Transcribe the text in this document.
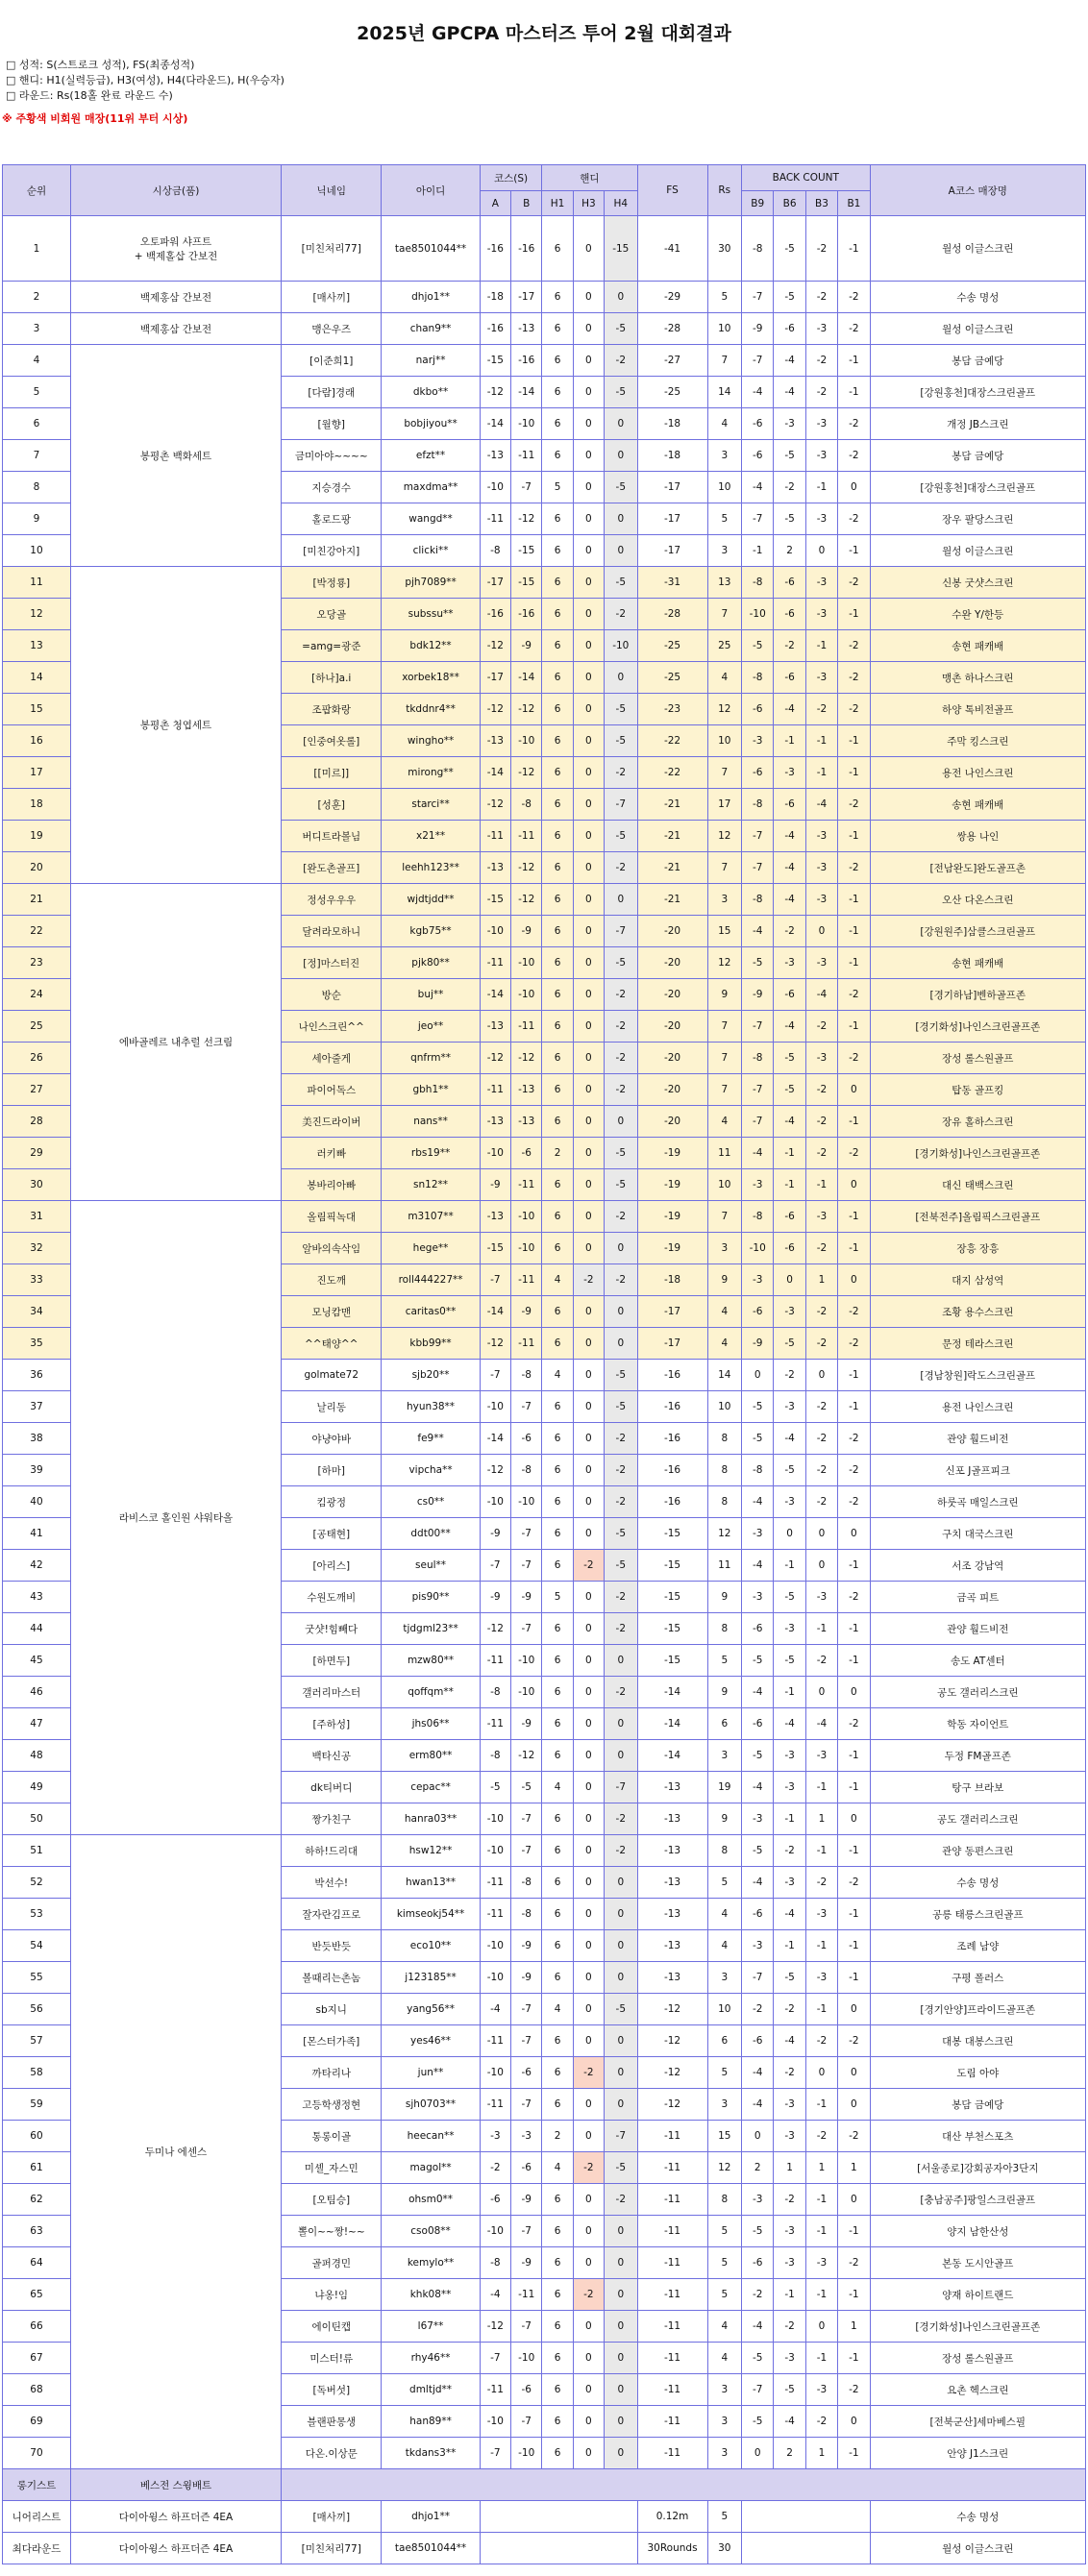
2025년 GPCPA 마스터즈 투어 2월 대회결과
□ 성적: S(스트로크 성적), FS(최종성적)
□ 핸디: H1(실력등급), H3(여성), H4(다라운드), H(우승자)
□ 라운드: Rs(18홀 완료 라운드 수)
※ 주황색 비회원 매장(11위 부터 시상)
순위	시상금(품)	닉네임	아이디	코스(S)		핸디			FS	Rs	BACK COUNT				A코스 매장명
				A	B	H1	H3	H4			B9	B6	B3	B1	
1	오토파워 샤프트
+ 백제홀삽 간보전	[미친처리77]	tae8501044**	-16	-16	6	0	-15	-41	30	-8	-5	-2	-1	월성 이글스크린
2	백제홍삼 간보전	[매사끼]	dhjo1**	-18	-17	6	0	0	-29	5	-7	-5	-2	-2	수송 명성
3	백제홍삼 간보전	맹은우즈	chan9**	-16	-13	6	0	-5	-28	10	-9	-6	-3	-2	월성 이글스크린
4	봉평촌 백화세트	[이준희1]	narj**	-15	-16	6	0	-2	-27	7	-7	-4	-2	-1	봉담 금예당
5		[다람]경래	dkbo**	-12	-14	6	0	-5	-25	14	-4	-4	-2	-1	[강원홍천]대장스크린골프
6		[월향]	bobjiyou**	-14	-10	6	0	0	-18	4	-6	-3	-3	-2	개정 JB스크린
7		금미아야~~~~	efzt**	-13	-11	6	0	0	-18	3	-6	-5	-3	-2	봉담 금예당
8		지승경수	maxdma**	-10	-7	5	0	-5	-17	10	-4	-2	-1	0	[강원홍천]대장스크린골프
9		홀로드팡	wangd**	-11	-12	6	0	0	-17	5	-7	-5	-3	-2	장우 팔당스크린
10		[미친강아지]	clicki**	-8	-15	6	0	0	-17	3	-1	2	0	-1	월성 이글스크린
11	봉평촌 청엽세트	[박정룡]	pjh7089**	-17	-15	6	0	-5	-31	13	-8	-6	-3	-2	신봉 굿샷스크린
12		오당골	subssu**	-16	-16	6	0	-2	-28	7	-10	-6	-3	-1	수완 Y/한등
13		=amg=광준	bdk12**	-12	-9	6	0	-10	-25	25	-5	-2	-1	-2	송현 패캐배
14		[하나]a.i	xorbek18**	-17	-14	6	0	0	-25	4	-8	-6	-3	-2	맹촌 하나스크린
15		조팝화랑	tkddnr4**	-12	-12	6	0	-5	-23	12	-6	-4	-2	-2	하양 톡비전골프
16		[인중여옷롤]	wingho**	-13	-10	6	0	-5	-22	10	-3	-1	-1	-1	주막 킹스크린
17		[[미르]]	mirong**	-14	-12	6	0	-2	-22	7	-6	-3	-1	-1	용전 나인스크린
18		[성훈]	starci**	-12	-8	6	0	-7	-21	17	-8	-6	-4	-2	송현 패캐배
19		버디트라볼님	x21**	-11	-11	6	0	-5	-21	12	-7	-4	-3	-1	쌍용 나인
20		[완도촌골프]	leehh123**	-13	-12	6	0	-2	-21	7	-7	-4	-3	-2	[전남완도]완도골프촌
21	에바골레르 내추럴 선크림	정성우우우	wjdtjdd**	-15	-12	6	0	0	-21	3	-8	-4	-3	-1	오산 다온스크린
22		달려라모하니	kgb75**	-10	-9	6	0	-7	-20	15	-4	-2	0	-1	[강원원주]삼클스크린골프
23		[정]마스터진	pjk80**	-11	-10	6	0	-5	-20	12	-5	-3	-3	-1	송현 패캐배
24		방순	buj**	-14	-10	6	0	-2	-20	9	-9	-6	-4	-2	[경기하남]벤하골프존
25		나인스크린^^	jeo**	-13	-11	6	0	-2	-20	7	-7	-4	-2	-1	[경기화성]나인스크린골프존
26		세아줄게	qnfrm**	-12	-12	6	0	-2	-20	7	-8	-5	-3	-2	장성 롤스원골프
27		파이어독스	gbh1**	-11	-13	6	0	-2	-20	7	-7	-5	-2	0	탑동 골프킹
28		美진드라이버	nans**	-13	-13	6	0	0	-20	4	-7	-4	-2	-1	장유 홀하스크린
29		러키빠	rbs19**	-10	-6	2	0	-5	-19	11	-4	-1	-2	-2	[경기화성]나인스크린골프존
30		봉바리아빠	sn12**	-9	-11	6	0	-5	-19	10	-3	-1	-1	0	대신 태백스크린
31	라비스코 홀인원 샤워타올	올림픽녹대	m3107**	-13	-10	6	0	-2	-19	7	-8	-6	-3	-1	[전북전주]올림픽스크린골프
32		알바의속삭임	hege**	-15	-10	6	0	0	-19	3	-10	-6	-2	-1	장흥 장흥
33		진도깨	roll444227**	-7	-11	4	-2	-2	-18	9	-3	0	1	0	대지 삼성역
34		모닝캄맨	caritas0**	-14	-9	6	0	0	-17	4	-6	-3	-2	-2	조황 용수스크린
35		^^태양^^	kbb99**	-12	-11	6	0	0	-17	4	-9	-5	-2	-2	문정 테라스크린
36		golmate72	sjb20**	-7	-8	4	0	-5	-16	14	0	-2	0	-1	[경남창원]락도스크린골프
37		날리동	hyun38**	-10	-7	6	0	-5	-16	10	-5	-3	-2	-1	용전 나인스크린
38		야냥야바	fe9**	-14	-6	6	0	-2	-16	8	-5	-4	-2	-2	관양 훨드비전
39		[하마]	vipcha**	-12	-8	6	0	-2	-16	8	-8	-5	-2	-2	신포 J골프피크
40		킴광정	cs0**	-10	-10	6	0	-2	-16	8	-4	-3	-2	-2	하룻곡 매일스크린
41		[공태현]	ddt00**	-9	-7	6	0	-5	-15	12	-3	0	0	0	구치 대국스크린
42		[아리스]	seul**	-7	-7	6	-2	-5	-15	11	-4	-1	0	-1	서조 강남역
43		수원도깨비	pis90**	-9	-9	5	0	-2	-15	9	-3	-5	-3	-2	금곡 피트
44		굿샷!힘빼다	tjdgml23**	-12	-7	6	0	-2	-15	8	-6	-3	-1	-1	관양 훨드비전
45		[하면두]	mzw80**	-11	-10	6	0	0	-15	5	-5	-5	-2	-1	송도 AT센터
46		갤러리마스터	qoffqm**	-8	-10	6	0	-2	-14	9	-4	-1	0	0	공도 갤러리스크린
47		[주하성]	jhs06**	-11	-9	6	0	0	-14	6	-6	-4	-4	-2	학동 자이언트
48		백타신공	erm80**	-8	-12	6	0	0	-14	3	-5	-3	-3	-1	두정 FM골프존
49		dk티버디	cepac**	-5	-5	4	0	-7	-13	19	-4	-3	-1	-1	탕구 브라보
50		짱가친구	hanra03**	-10	-7	6	0	-2	-13	9	-3	-1	1	0	공도 갤러리스크린
51	두미나 에센스	하하!드리대	hsw12**	-10	-7	6	0	-2	-13	8	-5	-2	-1	-1	관양 동편스크린
52		박선수!	hwan13**	-11	-8	6	0	0	-13	5	-4	-3	-2	-2	수송 명성
53		잘자란김프로	kimseokj54**	-11	-8	6	0	0	-13	4	-6	-4	-3	-1	공릉 태릉스크린골프
54		반듯반듯	eco10**	-10	-9	6	0	0	-13	4	-3	-1	-1	-1	조례 남양
55		볼때리는촌놈	j123185**	-10	-9	6	0	0	-13	3	-7	-5	-3	-1	구평 폴러스
56		sb지니	yang56**	-4	-7	4	0	-5	-12	10	-2	-2	-1	0	[경기안양]프라이드골프존
57		[몬스터가족]	yes46**	-11	-7	6	0	0	-12	6	-6	-4	-2	-2	대봉 대봉스크린
58		까타리나	jun**	-10	-6	6	-2	0	-12	5	-4	-2	0	0	도림 아야
59		고등학생정현	sjh0703**	-11	-7	6	0	0	-12	3	-4	-3	-1	0	봉담 금예당
60		통롱이골	heecan**	-3	-3	2	0	-7	-11	15	0	-3	-2	-2	대산 부천스포츠
61		미셸_자스민	magol**	-2	-6	4	-2	-5	-11	12	2	1	1	1	[서울종로]강회공자아3단지
62		[오팀승]	ohsm0**	-6	-9	6	0	-2	-11	8	-3	-2	-1	0	[충남공주]팡일스크린골프
63		뽈이~~짱!~~	cso08**	-10	-7	6	0	0	-11	5	-5	-3	-1	-1	양지 남한산성
64		골퍼경민	kemylo**	-8	-9	6	0	0	-11	5	-6	-3	-3	-2	본동 도시안골프
65		냐옹!임	khk08**	-4	-11	6	-2	0	-11	5	-2	-1	-1	-1	양재 하이트랜드
66		에이틴캡	l67**	-12	-7	6	0	0	-11	4	-4	-2	0	1	[경기화성]나인스크린골프존
67		미스터!류	rhy46**	-7	-10	6	0	0	-11	4	-5	-3	-1	-1	장성 롤스원골프
68		[독버섯]	dmltjd**	-11	-6	6	0	0	-11	3	-7	-5	-3	-2	요촌 헥스크린
69		블랜판몽생	han89**	-10	-7	6	0	0	-11	3	-5	-4	-2	0	[전북군산]세마베스필
70		다온.이상문	tkdans3**	-7	-10	6	0	0	-11	3	0	2	1	-1	안양 J1스크린
롱기스트	베스전 스윙배트														
니어리스트	다이아윙스 하프더즌 4EA	[매사끼]	dhjo1**						0.12m	5					수송 명성
최다라운드	다이아윙스 하프더즌 4EA	[미친처리77]	tae8501044**						30Rounds	30					월성 이글스크린
